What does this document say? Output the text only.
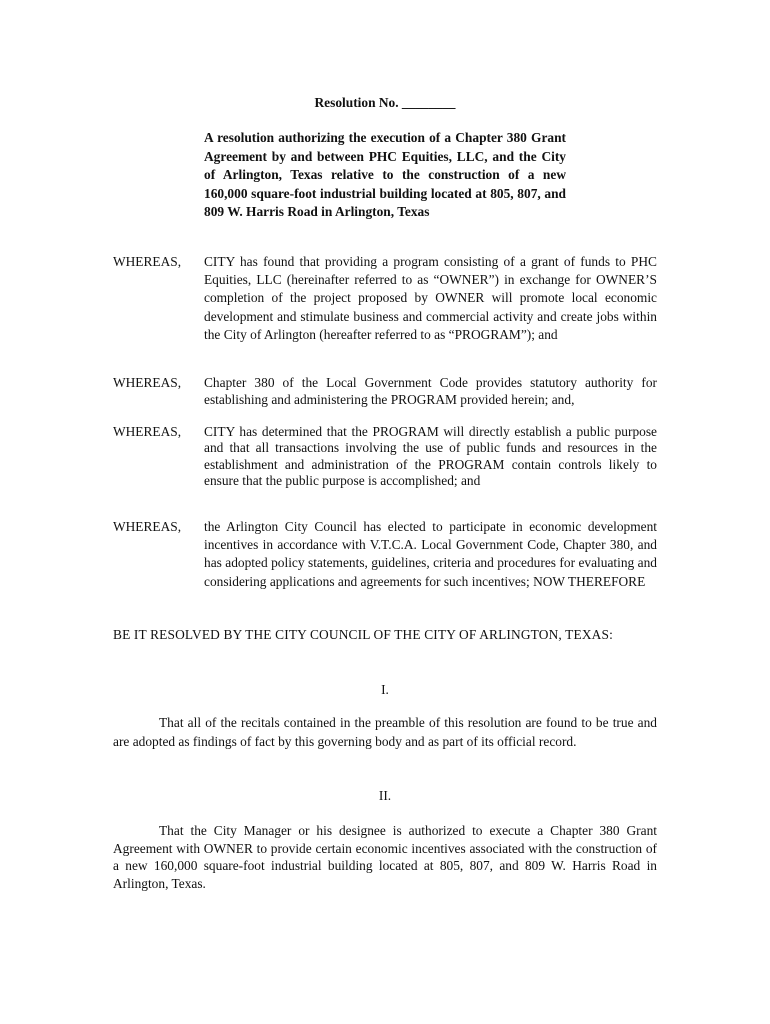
Resolution No. ________
A resolution authorizing the execution of a Chapter 380 Grant Agreement by and between PHC Equities, LLC, and the City of Arlington, Texas relative to the construction of a new 160,000 square-foot industrial building located at 805, 807, and 809 W. Harris Road in Arlington, Texas
WHEREAS,	CITY has found that providing a program consisting of a grant of funds to PHC Equities, LLC (hereinafter referred to as “OWNER”) in exchange for OWNER’S completion of the project proposed by OWNER will promote local economic development and stimulate business and commercial activity and create jobs within the City of Arlington (hereafter referred to as “PROGRAM”); and
WHEREAS,	Chapter 380 of the Local Government Code provides statutory authority for establishing and administering the PROGRAM provided herein; and,
WHEREAS,	CITY has determined that the PROGRAM will directly establish a public purpose and that all transactions involving the use of public funds and resources in the establishment and administration of the PROGRAM contain controls likely to ensure that the public purpose is accomplished; and
WHEREAS,	the Arlington City Council has elected to participate in economic development incentives in accordance with V.T.C.A. Local Government Code, Chapter 380, and has adopted policy statements, guidelines, criteria and procedures for evaluating and considering applications and agreements for such incentives; NOW THEREFORE
BE IT RESOLVED BY THE CITY COUNCIL OF THE CITY OF ARLINGTON, TEXAS:
I.
That all of the recitals contained in the preamble of this resolution are found to be true and are adopted as findings of fact by this governing body and as part of its official record.
II.
That the City Manager or his designee is authorized to execute a Chapter 380 Grant Agreement with OWNER to provide certain economic incentives associated with the construction of a new 160,000 square-foot industrial building located at 805, 807, and 809 W. Harris Road in Arlington, Texas.
